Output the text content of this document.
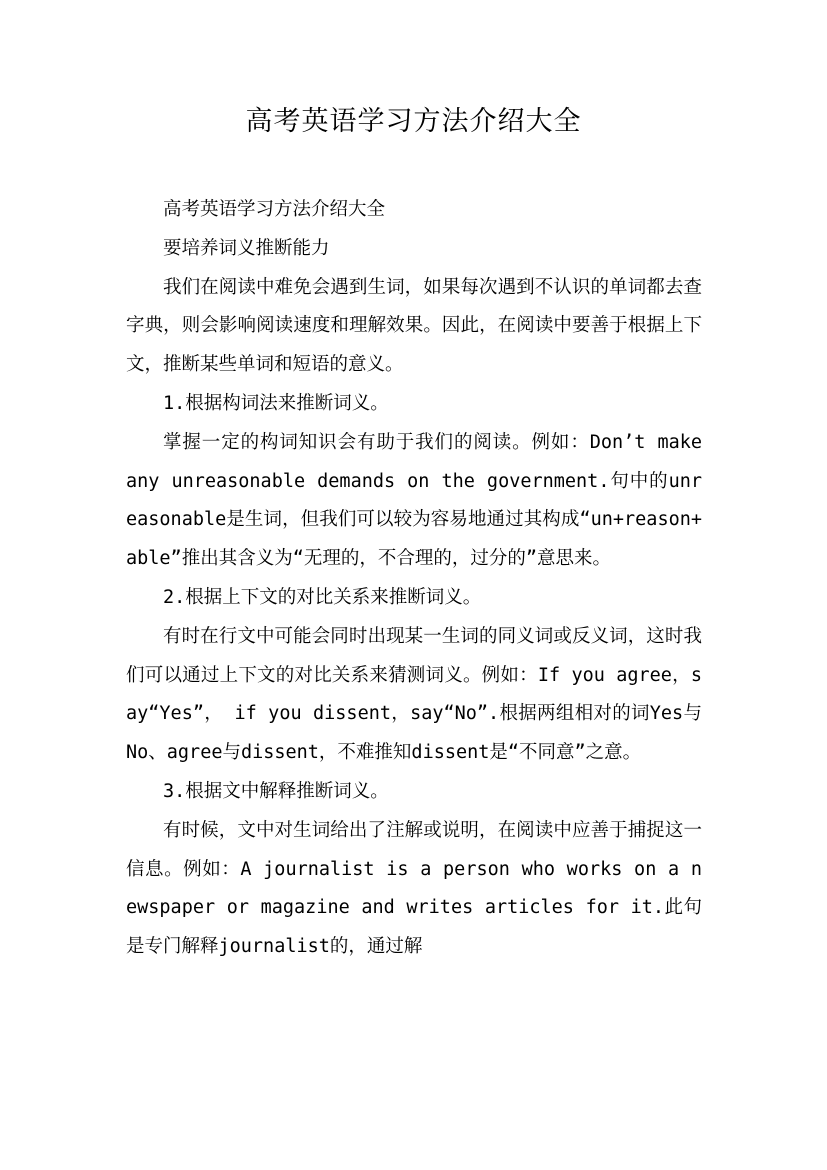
高考英语学习方法介绍大全

高考英语学习方法介绍大全

要培养词义推断能力

我们在阅读中难免会遇到生词，如果每次遇到不认识的单词都去查字典，则会影响阅读速度和理解效果。因此，在阅读中要善于根据上下文，推断某些单词和短语的意义。

1.根据构词法来推断词义。

掌握一定的构词知识会有助于我们的阅读。例如：Don’t make any unreasonable demands on the government.句中的unreasonable是生词，但我们可以较为容易地通过其构成“un+reason+able”推出其含义为“无理的，不合理的，过分的”意思来。

2.根据上下文的对比关系来推断词义。

有时在行文中可能会同时出现某一生词的同义词或反义词，这时我们可以通过上下文的对比关系来猜测词义。例如：If you agree，say“Yes”， if you dissent，say“No”.根据两组相对的词Yes与No、agree与dissent，不难推知dissent是“不同意”之意。

3.根据文中解释推断词义。

有时候，文中对生词给出了注解或说明，在阅读中应善于捕捉这一信息。例如：A journalist is a person who works on a newspaper or magazine and writes articles for it.此句是专门解释journalist的，通过解
